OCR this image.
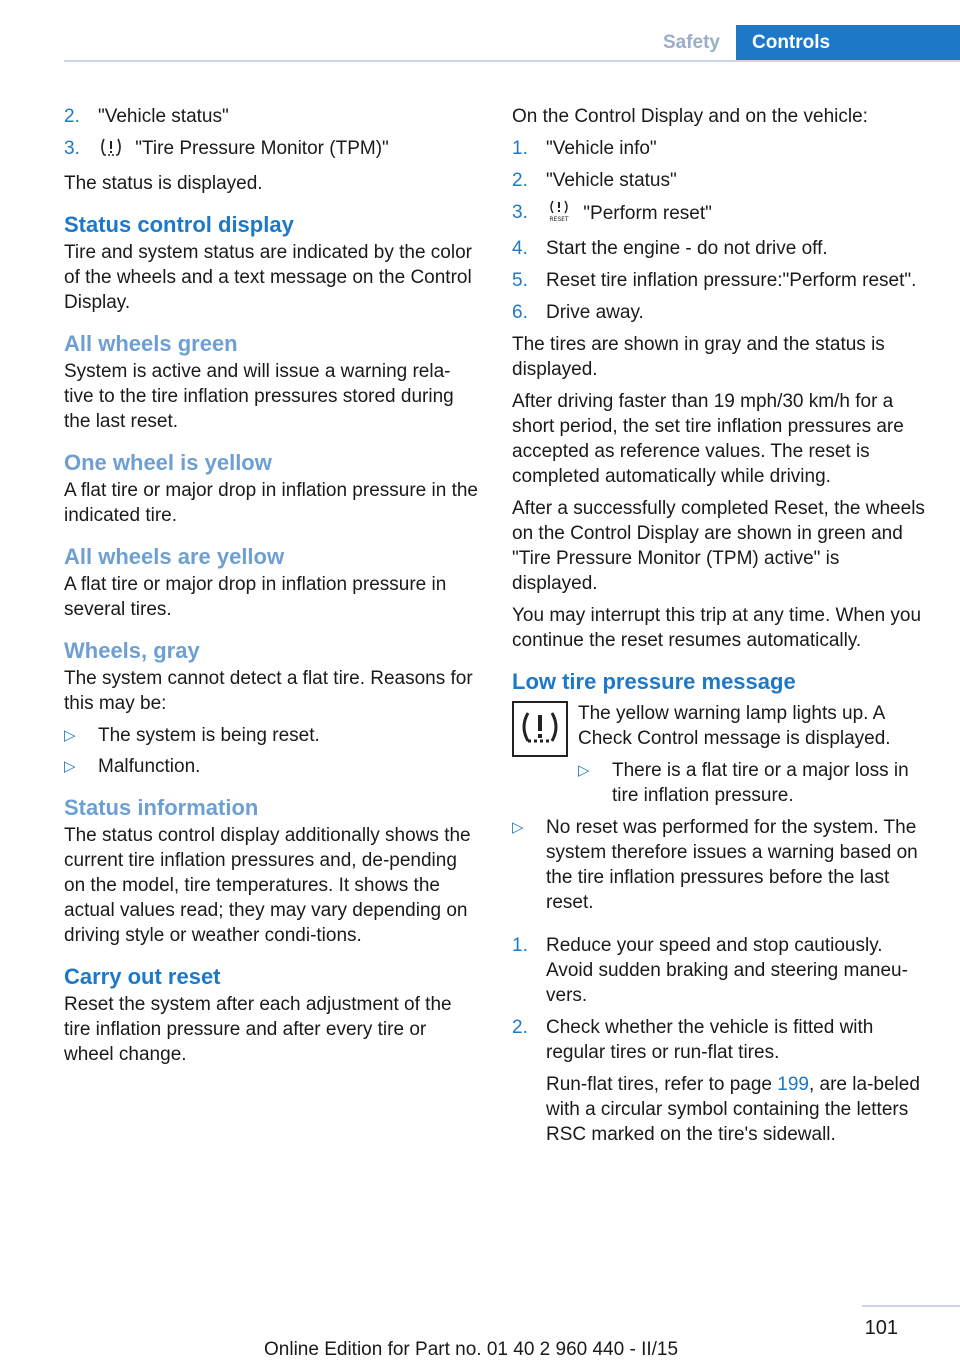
Safety	Controls
2. "Vehicle status"
3.	"Tire Pressure Monitor (TPM)"

The status is displayed.

Status control display

Tire and system status are indicated by the color of the wheels and a text message on the Control Display.

All wheels green

System is active and will issue a warning rela-tive to the tire inflation pressures stored during the last reset.

One wheel is yellow

A flat tire or major drop in inflation pressure in the indicated tire.

All wheels are yellow

A flat tire or major drop in inflation pressure in several tires.

Wheels, gray

The system cannot detect a flat tire. Reasons for this may be:

▷ The system is being reset.
▷ Malfunction.
Status information

The status control display additionally shows the current tire inflation pressures and, de-pending on the model, tire temperatures. It shows the actual values read; they may vary depending on driving style or weather condi-tions.

Carry out reset

Reset the system after each adjustment of the tire inflation pressure and after every tire or wheel change.

On the Control Display and on the vehicle:

1. "Vehicle info"
2. "Vehicle status"
3.	RESET "Perform reset"
4. Start the engine - do not drive off.
5. Reset tire inflation pressure:"Perform reset".
6. Drive away.

The tires are shown in gray and the status is displayed.

After driving faster than 19 mph/30 km/h for a short period, the set tire inflation pressures are accepted as reference values. The reset is completed automatically while driving.

After a successfully completed Reset, the wheels on the Control Display are shown in green and "Tire Pressure Monitor (TPM) active" is displayed.

You may interrupt this trip at any time. When you continue the reset resumes automatically.

Low tire pressure message

The yellow warning lamp lights up. A Check Control message is displayed.

▷ There is a flat tire or a major loss in tire inflation pressure.
▷ No reset was performed for the system. The system therefore issues a warning based on the tire inflation pressures before the last reset.
1. Reduce your speed and stop cautiously. Avoid sudden braking and steering maneu-vers.
2. Check whether the vehicle is fitted with regular tires or run-flat tires.
Run-flat tires, refer to page 199, are la-beled with a circular symbol containing the letters RSC marked on the tire's sidewall.
101
Online Edition for Part no. 01 40 2 960 440 - II/15
